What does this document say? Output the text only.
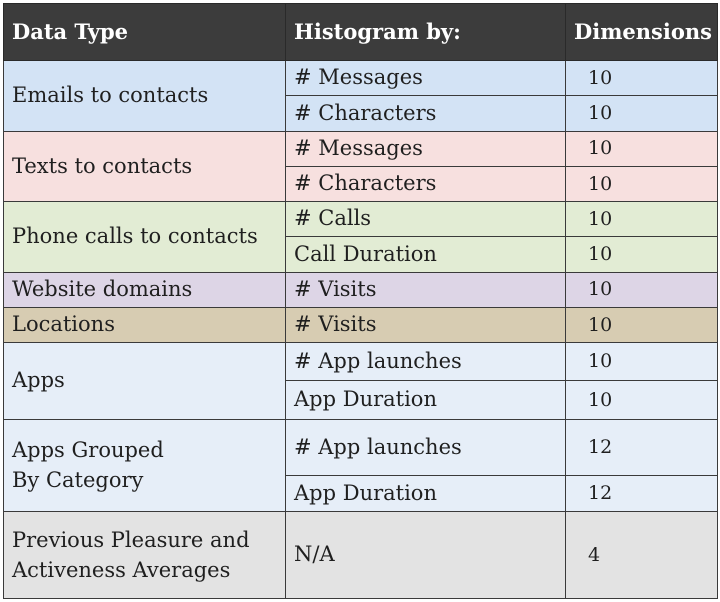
Data Type	Histogram by:	Dimensions
Emails to contacts	# Messages	10
	# Characters	10
Texts to contacts	# Messages	10
	# Characters	10
Phone calls to contacts	# Calls	10
	Call Duration	10
Website domains	# Visits	10
Locations	# Visits	10
Apps	# App launches	10
	App Duration	10
Apps Grouped
By Category	# App launches	12
	App Duration	12
Previous Pleasure and
Activeness Averages	N/A	4
